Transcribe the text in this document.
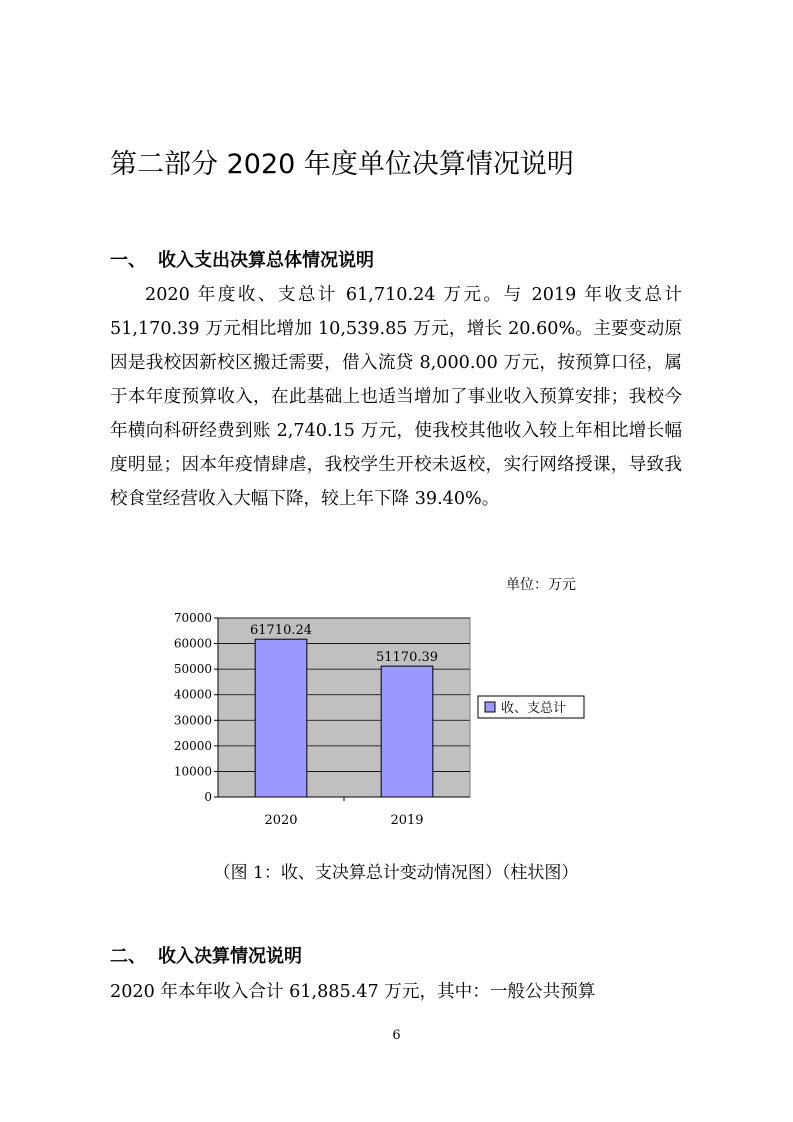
第二部分 2020 年度单位决算情况说明
一、 收入支出决算总体情况说明

2020 年度收、支总计 61,710.24 万元。与 2019 年收支总计 51,170.39 万元相比增加 10,539.85 万元，增长 20.60%。主要变动原因是我校因新校区搬迁需要，借入流贷 8,000.00 万元，按预算口径，属于本年度预算收入，在此基础上也适当增加了事业收入预算安排；我校今年横向科研经费到账 2,740.15 万元，使我校其他收入较上年相比增长幅度明显；因本年疫情肆虐，我校学生开校未返校，实行网络授课，导致我校食堂经营收入大幅下降，较上年下降 39.40%。

单位：万元
0
10000
20000
30000
40000
50000
60000
70000
61710.24
2020
51170.39
2019
收、支总计
（图 1：收、支决算总计变动情况图）（柱状图）
二、 收入决算情况说明

2020 年本年收入合计 61,885.47 万元，其中：一般公共预算

6
